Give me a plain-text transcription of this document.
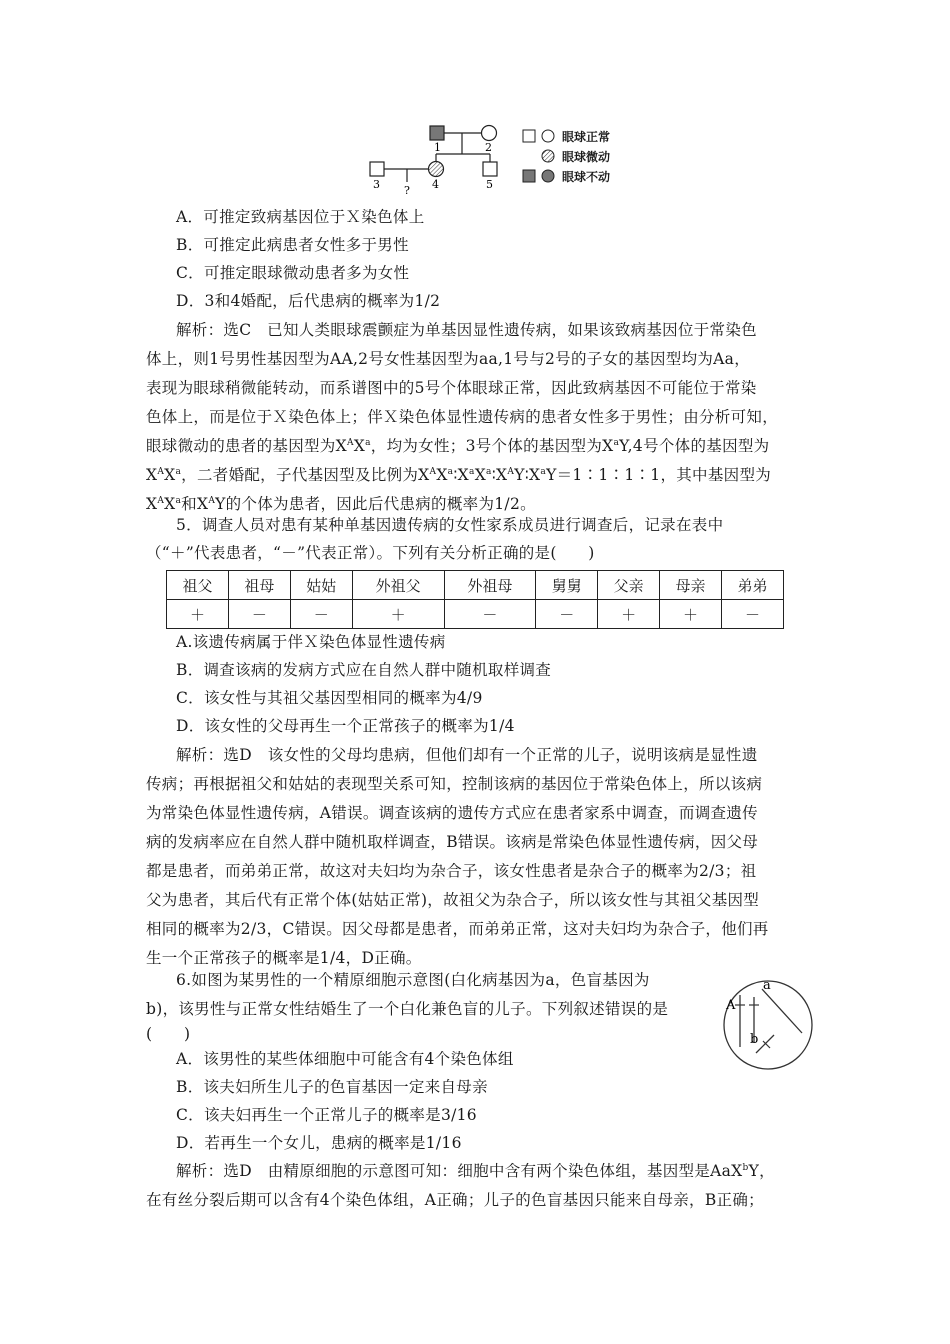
1	2
3 ? 4	5
眼球正常
眼球微动
眼球不动
A．可推定致病基因位于Ｘ染色体上
B．可推定此病患者女性多于男性
C．可推定眼球微动患者多为女性
D．3和4婚配，后代患病的概率为1/2
解析：选C　已知人类眼球震颤症为单基因显性遗传病，如果该致病基因位于常染色
体上，则1号男性基因型为AA,2号女性基因型为aa,1号与2号的子女的基因型均为Aa，
表现为眼球稍微能转动，而系谱图中的5号个体眼球正常，因此致病基因不可能位于常染
色体上，而是位于Ｘ染色体上；伴Ｘ染色体显性遗传病的患者女性多于男性；由分析可知，
眼球微动的患者的基因型为$X^AX^a$，均为女性；3号个体的基因型为$X^aY,4$号个体的基因型为
$X^AX^a$，二者婚配，子代基因型及比例为$X^AX^a∶X^aX^a∶X^AY∶X^aY=1∶1∶1∶1$，其中基因型为
$X^AX^a$和$X^AY$的个体为患者，因此后代患病的概率为1/2。
5．调查人员对患有某种单基因遗传病的女性家系成员进行调查后，记录在表中
（“＋”代表患者，“－”代表正常）。下列有关分析正确的是(　　)
祖父	祖母	姑姑	外祖父	外祖母	舅舅	父亲	母亲	弟弟
＋	－	－	＋	－	－	＋	＋	－
A.该遗传病属于伴Ｘ染色体显性遗传病
B．调查该病的发病方式应在自然人群中随机取样调查
C．该女性与其祖父基因型相同的概率为4/9
D．该女性的父母再生一个正常孩子的概率为1/4
解析：选D　该女性的父母均患病，但他们却有一个正常的儿子，说明该病是显性遗
传病；再根据祖父和姑姑的表现型关系可知，控制该病的基因位于常染色体上，所以该病
为常染色体显性遗传病，A错误。调查该病的遗传方式应在患者家系中调查，而调查遗传
病的发病率应在自然人群中随机取样调查，B错误。该病是常染色体显性遗传病，因父母
都是患者，而弟弟正常，故这对夫妇均为杂合子，该女性患者是杂合子的概率为2/3；祖
父为患者，其后代有正常个体(姑姑正常)，故祖父为杂合子，所以该女性与其祖父基因型
相同的概率为2/3，C错误。因父母都是患者，而弟弟正常，这对夫妇均为杂合子，他们再
生一个正常孩子的概率是1/4，D正确。
6.如图为某男性的一个精原细胞示意图(白化病基因为a，色盲基因为
b)，该男性与正常女性结婚生了一个白化兼色盲的儿子。下列叙述错误的是
(　　)
A
a
b
A．该男性的某些体细胞中可能含有4个染色体组
B．该夫妇所生儿子的色盲基因一定来自母亲
C．该夫妇再生一个正常儿子的概率是3/16
D．若再生一个女儿，患病的概率是1/16
解析：选D　由精原细胞的示意图可知：细胞中含有两个染色体组，基因型是AaX$^b$Y，
在有丝分裂后期可以含有4个染色体组，A正确；儿子的色盲基因只能来自母亲，B正确；
